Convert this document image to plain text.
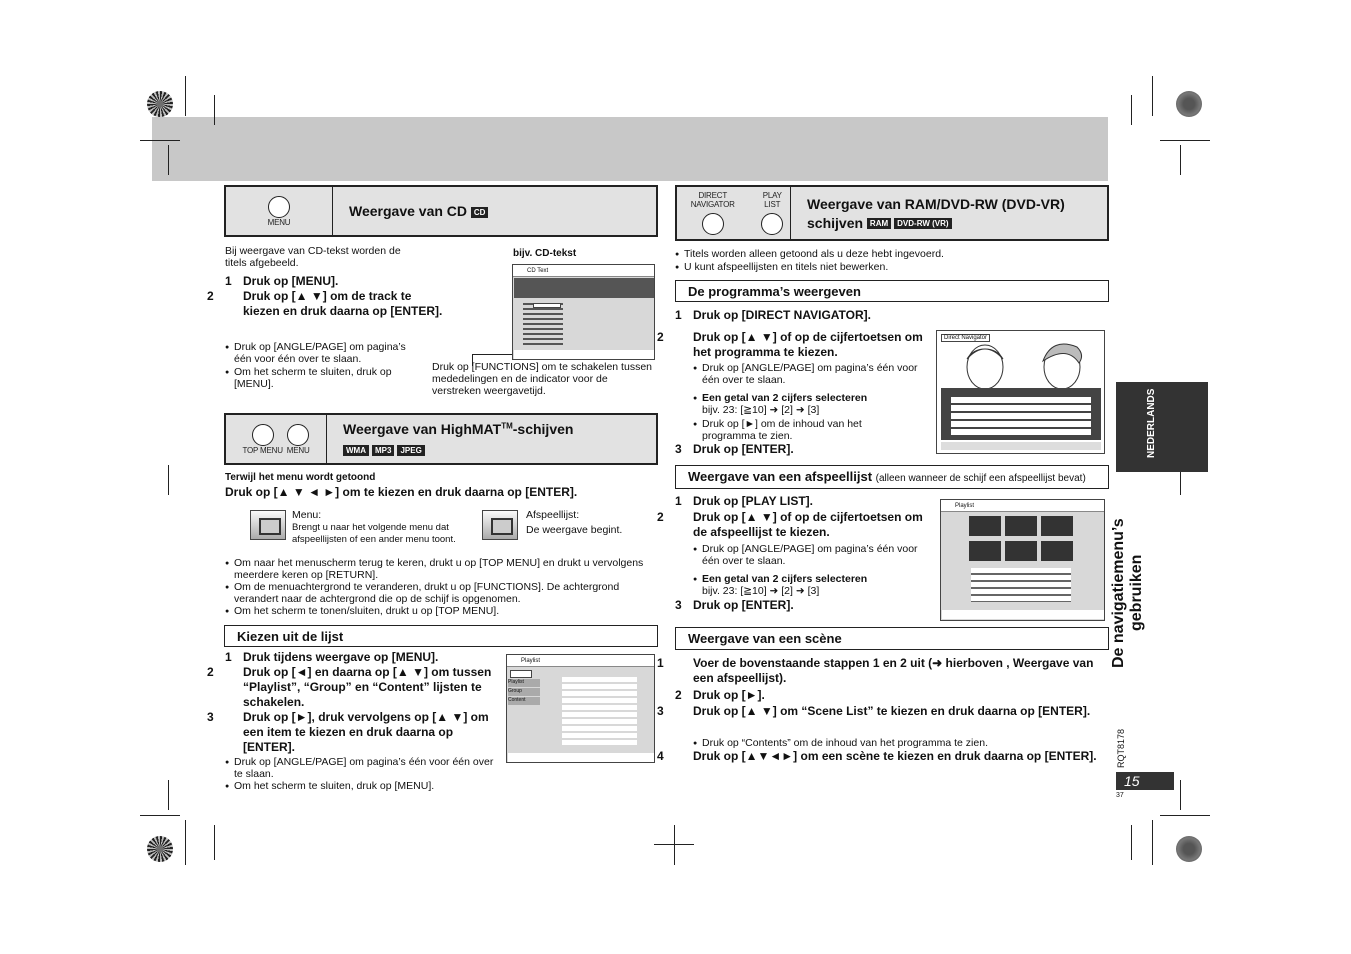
MENU
Weergave van CD CD
Bij weergave van CD-tekst worden de titels afgebeeld.
1 Druk op [MENU].
2 Druk op [▲ ▼] om de track te kiezen en druk daarna op [ENTER].
● Druk op [ANGLE/PAGE] om pagina’s één voor één over te slaan.
● Om het scherm te sluiten, druk op [MENU].
bijv. CD-tekst
CD Text
Druk op [FUNCTIONS] om te schakelen tussen mededelingen en de indicator voor de verstreken weergavetijd.
TOP MENU MENU
Weergave van HighMAT™-schijven
WMA MP3 JPEG
Terwijl het menu wordt getoond
Druk op [▲ ▼ ◄ ►] om te kiezen en druk daarna op [ENTER].
Menu:
Brengt u naar het volgende menu dat afspeellijsten of een ander menu toont.
Afspeellijst:
De weergave begint.
● Om naar het menuscherm terug te keren, drukt u op [TOP MENU] en drukt u vervolgens meerdere keren op [RETURN].
● Om de menuachtergrond te veranderen, drukt u op [FUNCTIONS]. De achtergrond verandert naar de achtergrond die op de schijf is opgenomen.
● Om het scherm te tonen/sluiten, drukt u op [TOP MENU].
Kiezen uit de lijst
1 Druk tijdens weergave op [MENU].
2 Druk op [◄] en daarna op [▲ ▼] om tussen “Playlist”, “Group” en “Content” lijsten te schakelen.
3 Druk op [►], druk vervolgens op [▲ ▼] om een item te kiezen en druk daarna op [ENTER].
● Druk op [ANGLE/PAGE] om pagina’s één voor één over te slaan.
● Om het scherm te sluiten, druk op [MENU].
Playlist
Playlist
Group
Content
DIRECT NAVIGATOR
PLAY LIST	Weergave van RAM/DVD-RW (DVD-VR)
schijven RAM DVD-RW (VR)
● Titels worden alleen getoond als u deze hebt ingevoerd.
● U kunt afspeellijsten en titels niet bewerken.
De programma’s weergeven
1 Druk op [DIRECT NAVIGATOR].
2 Druk op [▲ ▼] of op de cijfertoetsen om het programma te kiezen.
● Druk op [ANGLE/PAGE] om pagina’s één voor één over te slaan.
● Een getal van 2 cijfers selecteren
bijv. 23: [≧10] ➜ [2] ➜ [3]
● Druk op [►] om de inhoud van het programma te zien.
3 Druk op [ENTER].
Direct Navigator
Weergave van een afspeellijst (alleen wanneer de schijf een afspeellijst bevat)
1 Druk op [PLAY LIST].
2 Druk op [▲ ▼] of op de cijfertoetsen om de afspeellijst te kiezen.
● Druk op [ANGLE/PAGE] om pagina’s één voor één over te slaan.
● Een getal van 2 cijfers selecteren
bijv. 23: [≧10] ➜ [2] ➜ [3]
3 Druk op [ENTER].
Playlist
Weergave van een scène
1 Voer de bovenstaande stappen 1 en 2 uit (➜ hierboven , Weergave van een afspeellijst).
2 Druk op [►].
3 Druk op [▲ ▼] om “Scene List” te kiezen en druk daarna op [ENTER].
● Druk op “Contents” om de inhoud van het programma te zien.
4 Druk op [▲▼◄►] om een scène te kiezen en druk daarna op [ENTER].
NEDERLANDS
De navigatiemenu’s gebruiken
RQT8178
15
37
